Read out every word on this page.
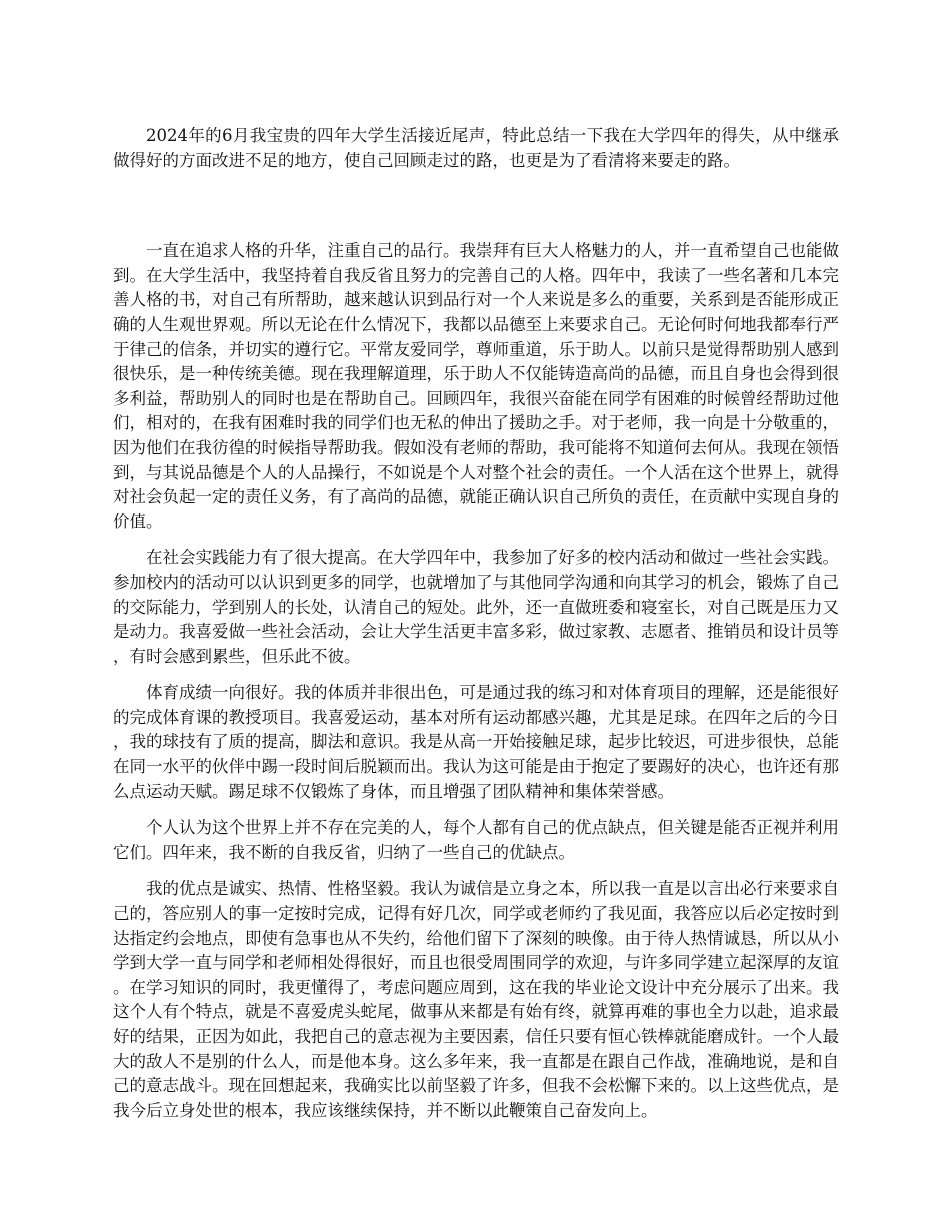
2024年的6月我宝贵的四年大学生活接近尾声，特此总结一下我在大学四年的得失，从中继承做得好的方面改进不足的地方，使自己回顾走过的路，也更是为了看清将来要走的路。

一直在追求人格的升华，注重自己的品行。我崇拜有巨大人格魅力的人，并一直希望自己也能做到。在大学生活中，我坚持着自我反省且努力的完善自己的人格。四年中，我读了一些名著和几本完善人格的书，对自己有所帮助，越来越认识到品行对一个人来说是多么的重要，关系到是否能形成正确的人生观世界观。所以无论在什么情况下，我都以品德至上来要求自己。无论何时何地我都奉行严于律己的信条，并切实的遵行它。平常友爱同学，尊师重道，乐于助人。以前只是觉得帮助别人感到很快乐，是一种传统美德。现在我理解道理，乐于助人不仅能铸造高尚的品德，而且自身也会得到很多利益，帮助别人的同时也是在帮助自己。回顾四年，我很兴奋能在同学有困难的时候曾经帮助过他们，相对的，在我有困难时我的同学们也无私的伸出了援助之手。对于老师，我一向是十分敬重的，因为他们在我彷徨的时候指导帮助我。假如没有老师的帮助，我可能将不知道何去何从。我现在领悟到，与其说品德是个人的人品操行，不如说是个人对整个社会的责任。一个人活在这个世界上，就得对社会负起一定的责任义务，有了高尚的品德，就能正确认识自己所负的责任，在贡献中实现自身的价值。

在社会实践能力有了很大提高。在大学四年中，我参加了好多的校内活动和做过一些社会实践。参加校内的活动可以认识到更多的同学，也就增加了与其他同学沟通和向其学习的机会，锻炼了自己的交际能力，学到别人的长处，认清自己的短处。此外，还一直做班委和寝室长，对自己既是压力又是动力。我喜爱做一些社会活动，会让大学生活更丰富多彩，做过家教、志愿者、推销员和设计员等，有时会感到累些，但乐此不彼。

体育成绩一向很好。我的体质并非很出色，可是通过我的练习和对体育项目的理解，还是能很好的完成体育课的教授项目。我喜爱运动，基本对所有运动都感兴趣，尤其是足球。在四年之后的今日，我的球技有了质的提高，脚法和意识。我是从高一开始接触足球，起步比较迟，可进步很快，总能在同一水平的伙伴中踢一段时间后脱颖而出。我认为这可能是由于抱定了要踢好的决心，也许还有那么点运动天赋。踢足球不仅锻炼了身体，而且增强了团队精神和集体荣誉感。

个人认为这个世界上并不存在完美的人，每个人都有自己的优点缺点，但关键是能否正视并利用它们。四年来，我不断的自我反省，归纳了一些自己的优缺点。

我的优点是诚实、热情、性格坚毅。我认为诚信是立身之本，所以我一直是以言出必行来要求自己的，答应别人的事一定按时完成，记得有好几次，同学或老师约了我见面，我答应以后必定按时到达指定约会地点，即使有急事也从不失约，给他们留下了深刻的映像。由于待人热情诚恳，所以从小学到大学一直与同学和老师相处得很好，而且也很受周围同学的欢迎，与许多同学建立起深厚的友谊。在学习知识的同时，我更懂得了，考虑问题应周到，这在我的毕业论文设计中充分展示了出来。我这个人有个特点，就是不喜爱虎头蛇尾，做事从来都是有始有终，就算再难的事也全力以赴，追求最好的结果，正因为如此，我把自己的意志视为主要因素，信任只要有恒心铁棒就能磨成针。一个人最大的敌人不是别的什么人，而是他本身。这么多年来，我一直都是在跟自己作战，准确地说，是和自己的意志战斗。现在回想起来，我确实比以前坚毅了许多，但我不会松懈下来的。以上这些优点，是我今后立身处世的根本，我应该继续保持，并不断以此鞭策自己奋发向上。
